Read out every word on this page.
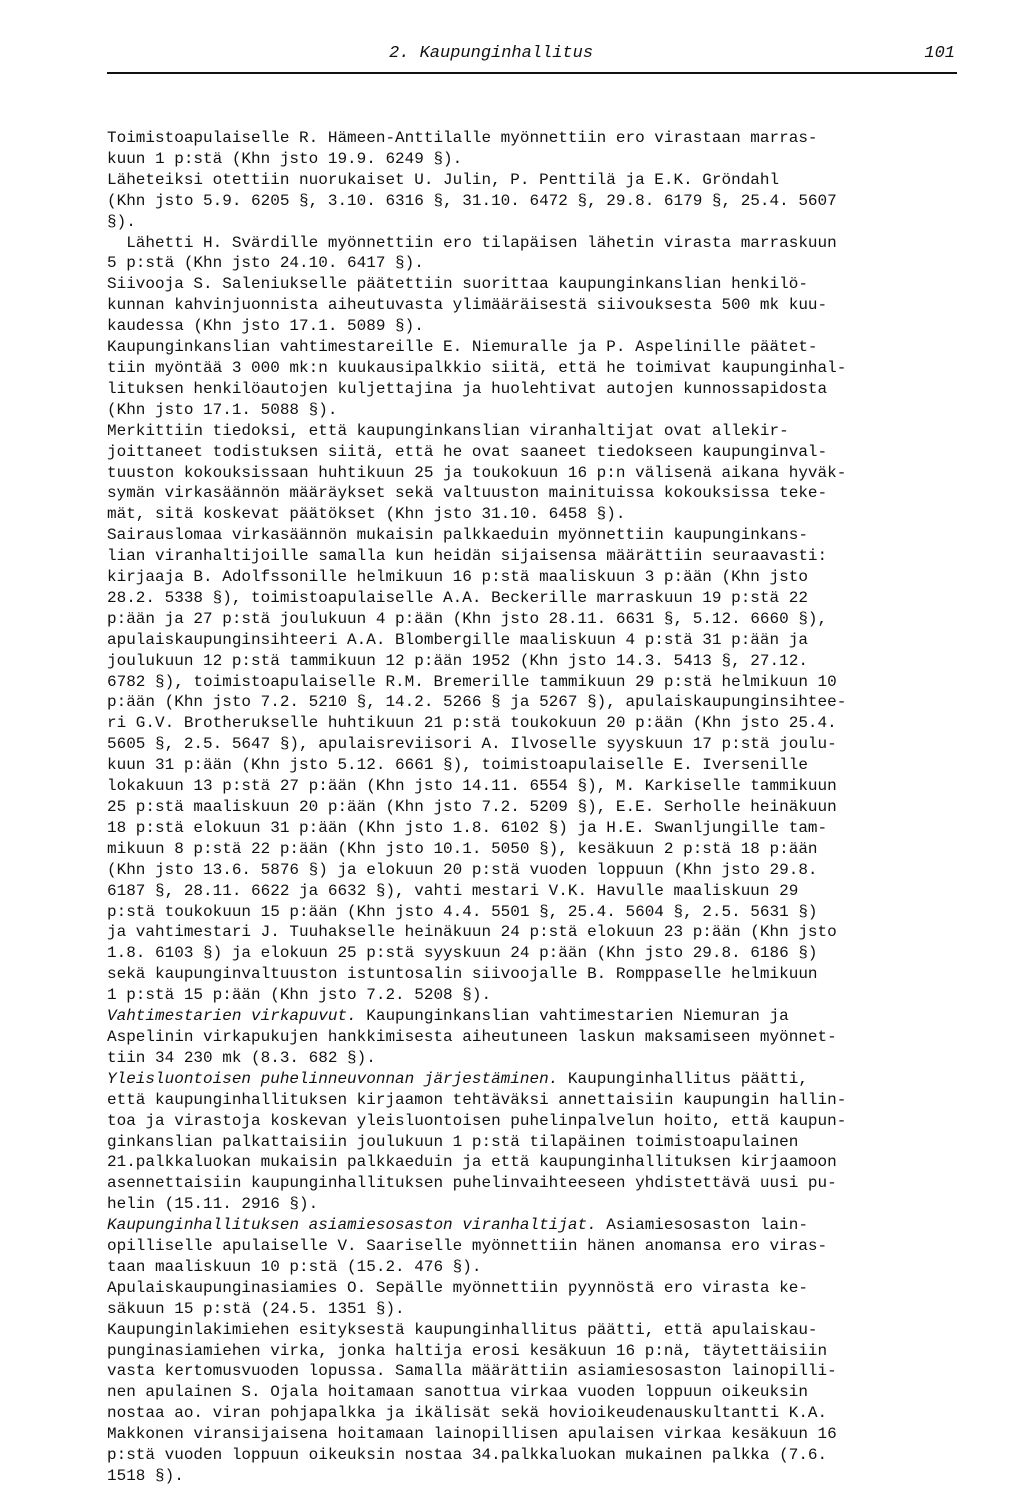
2. Kaupunginhallitus	101
Toimistoapulaiselle R. Hämeen-Anttilalle myönnettiin ero virastaan marras-
kuun 1 p:stä (Khn jsto 19.9. 6249 §).
Läheteiksi otettiin nuorukaiset U. Julin, P. Penttilä ja E.K. Gröndahl
(Khn jsto 5.9. 6205 §, 3.10. 6316 §, 31.10. 6472 §, 29.8. 6179 §, 25.4. 5607
§).
Lähetti H. Svärdille myönnettiin ero tilapäisen lähetin virasta marraskuun
5 p:stä (Khn jsto 24.10. 6417 §).
Siivooja S. Saleniukselle päätettiin suorittaa kaupunginkanslian henkilö-
kunnan kahvinjuonnista aiheutuvasta ylimääräisestä siivouksesta 500 mk kuu-
kaudessa (Khn jsto 17.1. 5089 §).
Kaupunginkanslian vahtimestareille E. Niemuralle ja P. Aspelinille päätet-
tiin myöntää 3 000 mk:n kuukausipalkkio siitä, että he toimivat kaupunginhal-
lituksen henkilöautojen kuljettajina ja huolehtivat autojen kunnossapidosta
(Khn jsto 17.1. 5088 §).
Merkittiin tiedoksi, että kaupunginkanslian viranhaltijat ovat allekir-
joittaneet todistuksen siitä, että he ovat saaneet tiedokseen kaupunginval-
tuuston kokouksissaan huhtikuun 25 ja toukokuun 16 p:n välisenä aikana hyväk-
symän virkasäännön määräykset sekä valtuuston mainituissa kokouksissa teke-
mät, sitä koskevat päätökset (Khn jsto 31.10. 6458 §).
Sairauslomaa virkasäännön mukaisin palkkaeduin myönnettiin kaupunginkans-
lian viranhaltijoille samalla kun heidän sijaisensa määrättiin seuraavasti:
kirjaaja B. Adolfssonille helmikuun 16 p:stä maaliskuun 3 p:ään (Khn jsto
28.2. 5338 §), toimistoapulaiselle A.A. Beckerille marraskuun 19 p:stä 22
p:ään ja 27 p:stä joulukuun 4 p:ään (Khn jsto 28.11. 6631 §, 5.12. 6660 §),
apulaiskaupunginsihteeri A.A. Blombergille maaliskuun 4 p:stä 31 p:ään ja
joulukuun 12 p:stä tammikuun 12 p:ään 1952 (Khn jsto 14.3. 5413 §, 27.12.
6782 §), toimistoapulaiselle R.M. Bremerille tammikuun 29 p:stä helmikuun 10
p:ään (Khn jsto 7.2. 5210 §, 14.2. 5266 § ja 5267 §), apulaiskaupunginsihtee-
ri G.V. Brotherukselle huhtikuun 21 p:stä toukokuun 20 p:ään (Khn jsto 25.4.
5605 §, 2.5. 5647 §), apulaisreviisori A. Ilvoselle syyskuun 17 p:stä joulu-
kuun 31 p:ään (Khn jsto 5.12. 6661 §), toimistoapulaiselle E. Iversenille
lokakuun 13 p:stä 27 p:ään (Khn jsto 14.11. 6554 §), M. Karkiselle tammikuun
25 p:stä maaliskuun 20 p:ään (Khn jsto 7.2. 5209 §), E.E. Serholle heinäkuun
18 p:stä elokuun 31 p:ään (Khn jsto 1.8. 6102 §) ja H.E. Swanljungille tam-
mikuun 8 p:stä 22 p:ään (Khn jsto 10.1. 5050 §), kesäkuun 2 p:stä 18 p:ään
(Khn jsto 13.6. 5876 §) ja elokuun 20 p:stä vuoden loppuun (Khn jsto 29.8.
6187 §, 28.11. 6622 ja 6632 §), vahti mestari V.K. Havulle maaliskuun 29
p:stä toukokuun 15 p:ään (Khn jsto 4.4. 5501 §, 25.4. 5604 §, 2.5. 5631 §)
ja vahtimestari J. Tuuhakselle heinäkuun 24 p:stä elokuun 23 p:ään (Khn jsto
1.8. 6103 §) ja elokuun 25 p:stä syyskuun 24 p:ään (Khn jsto 29.8. 6186 §)
sekä kaupunginvaltuuston istuntosalin siivoojalle B. Romppaselle helmikuun
1 p:stä 15 p:ään (Khn jsto 7.2. 5208 §).
Vahtimestarien virkapuvut. Kaupunginkanslian vahtimestarien Niemuran ja
Aspelinin virkapukujen hankkimisesta aiheutuneen laskun maksamiseen myönnet-
tiin 34 230 mk (8.3. 682 §).
Yleisluontoisen puhelinneuvonnan järjestäminen. Kaupunginhallitus päätti,
että kaupunginhallituksen kirjaamon tehtäväksi annettaisiin kaupungin hallin-
toa ja virastoja koskevan yleisluontoisen puhelinpalvelun hoito, että kaupun-
ginkanslian palkattaisiin joulukuun 1 p:stä tilapäinen toimistoapulainen
21.palkkaluokan mukaisin palkkaeduin ja että kaupunginhallituksen kirjaamoon
asennettaisiin kaupunginhallituksen puhelinvaihteeseen yhdistettävä uusi pu-
helin (15.11. 2916 §).
Kaupunginhallituksen asiamiesosaston viranhaltijat. Asiamiesosaston lain-
opilliselle apulaiselle V. Saariselle myönnettiin hänen anomansa ero viras-
taan maaliskuun 10 p:stä (15.2. 476 §).
Apulaiskaupunginasiamies O. Sepälle myönnettiin pyynnöstä ero virasta ke-
säkuun 15 p:stä (24.5. 1351 §).
Kaupunginlakimiehen esityksestä kaupunginhallitus päätti, että apulaiskau-
punginasiamiehen virka, jonka haltija erosi kesäkuun 16 p:nä, täytettäisiin
vasta kertomusvuoden lopussa. Samalla määrättiin asiamiesosaston lainopilli-
nen apulainen S. Ojala hoitamaan sanottua virkaa vuoden loppuun oikeuksin
nostaa ao. viran pohjapalkka ja ikälisät sekä hovioikeudenauskultantti K.A.
Makkonen viransijaisena hoitamaan lainopillisen apulaisen virkaa kesäkuun 16
p:stä vuoden loppuun oikeuksin nostaa 34.palkkaluokan mukainen palkka (7.6.
1518 §).
